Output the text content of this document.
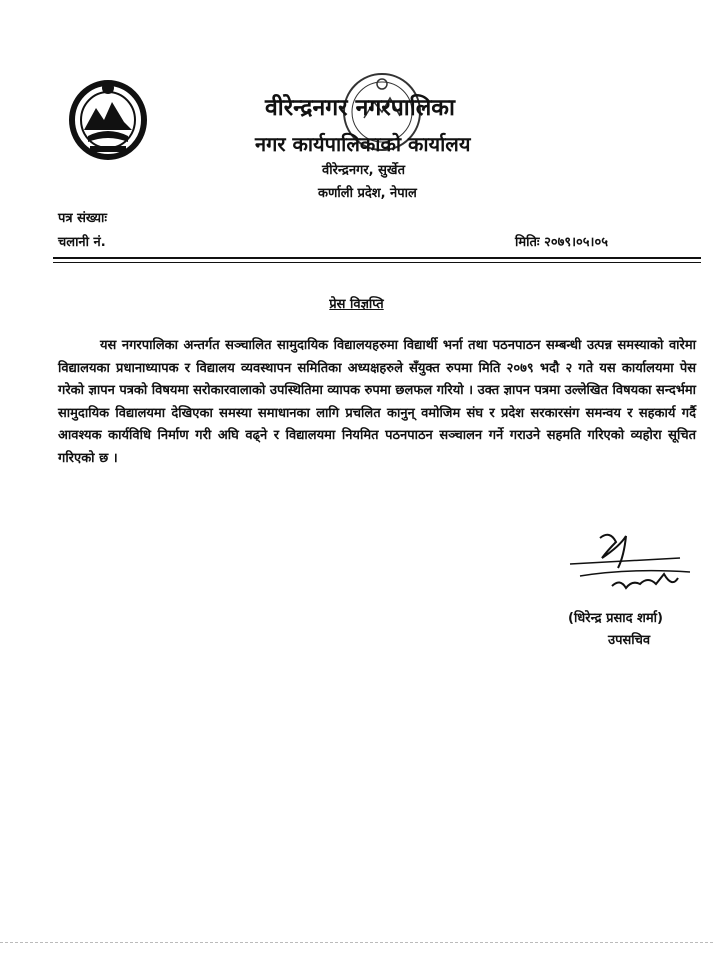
वीरेन्द्रनगर नगरपालिका
नगर कार्यपालिकाको कार्यालय
वीरेन्द्रनगर, सुर्खेत
कर्णाली प्रदेश, नेपाल
पत्र संख्याः
चलानी नं.	मितिः २०७९।०५।०५
प्रेस विज्ञप्ति
यस नगरपालिका अन्तर्गत सञ्चालित सामुदायिक विद्यालयहरुमा विद्यार्थी भर्ना तथा पठनपाठन सम्बन्धी उत्पन्न समस्याको वारेमा विद्यालयका प्रधानाध्यापक र विद्यालय व्यवस्थापन समितिका अध्यक्षहरुले सँयुक्त रुपमा मिति २०७९ भदौ २ गते यस कार्यालयमा पेस गरेको ज्ञापन पत्रको विषयमा सरोकारवालाको उपस्थितिमा व्यापक रुपमा छलफल गरियो । उक्त ज्ञापन पत्रमा उल्लेखित विषयका सन्दर्भमा सामुदायिक विद्यालयमा देखिएका समस्या समाधानका लागि प्रचलित कानुन् वमोजिम संघ र प्रदेश सरकारसंग समन्वय र सहकार्य गर्दै आवश्यक कार्यविधि निर्माण गरी अघि वढ्ने र विद्यालयमा नियमित पठनपाठन सञ्चालन गर्ने गराउने सहमति गरिएको व्यहोरा सूचित गरिएको छ ।
(धिरेन्द्र प्रसाद शर्मा)
उपसचिव
